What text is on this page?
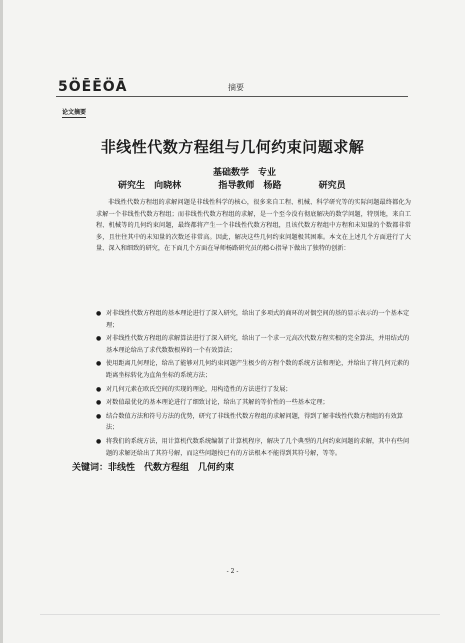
5ÖĒĒÖĀ	摘要
论文摘要
非线性代数方程组与几何约束问题求解
基础数学　专业
研究生 向晓林	指导教师 杨路	研究员
非线性代数方程组的求解问题是非线性科学的核心，很多来自工程、机械、科学研究等的实际问题最终都化为求解一个非线性代数方程组；而非线性代数方程组的求解，是一个至今没有彻底解决的数学问题，特别地，来自工程、机械等的几何约束问题，最终都将产生一个非线性代数方程组，且该代数方程组中方程和未知量的个数都非常多，且往往其中的未知量的次数还非常高。因此，解决这些几何约束问题极其困难。本文在上述几个方面进行了大量、深入和细致的研究，在下面几个方面在导师杨路研究员的精心指导下做出了独特的创新：
● 对非线性代数方程组的基本理论进行了深入研究，给出了多项式的商环的对偶空间的基的显示表示的一个基本定理；
● 对非线性代数方程组的求解算法进行了深入研究，给出了一个求一元高次代数方程实根的完全算法，并用结式的基本理论给出了求代数数根界的一个有效算法；
● 使用距离几何理论，给出了能够对几何约束问题产生极少的方程个数的系统方法和理论，并给出了将几何元素的距离坐标转化为直角坐标的系统方法；
● 对几何元素在欧氏空间的实现的理论，用构造性的方法进行了发展；
● 对数值最优化的基本理论进行了细致讨论，给出了其解的等价性的一些基本定理；
● 结合数值方法和符号方法的优势，研究了非线性代数方程组的求解问题，得到了解非线性代数方程组的有效算法；
● 将我们的系统方法，用计算机代数系统编制了计算机程序，解决了几个典型的几何约束问题的求解，其中有些问题的求解还给出了其符号解，而这些问题按已有的方法根本不能得到其符号解，等等。
关键词：非线性　代数方程组　几何约束
- 2 -
